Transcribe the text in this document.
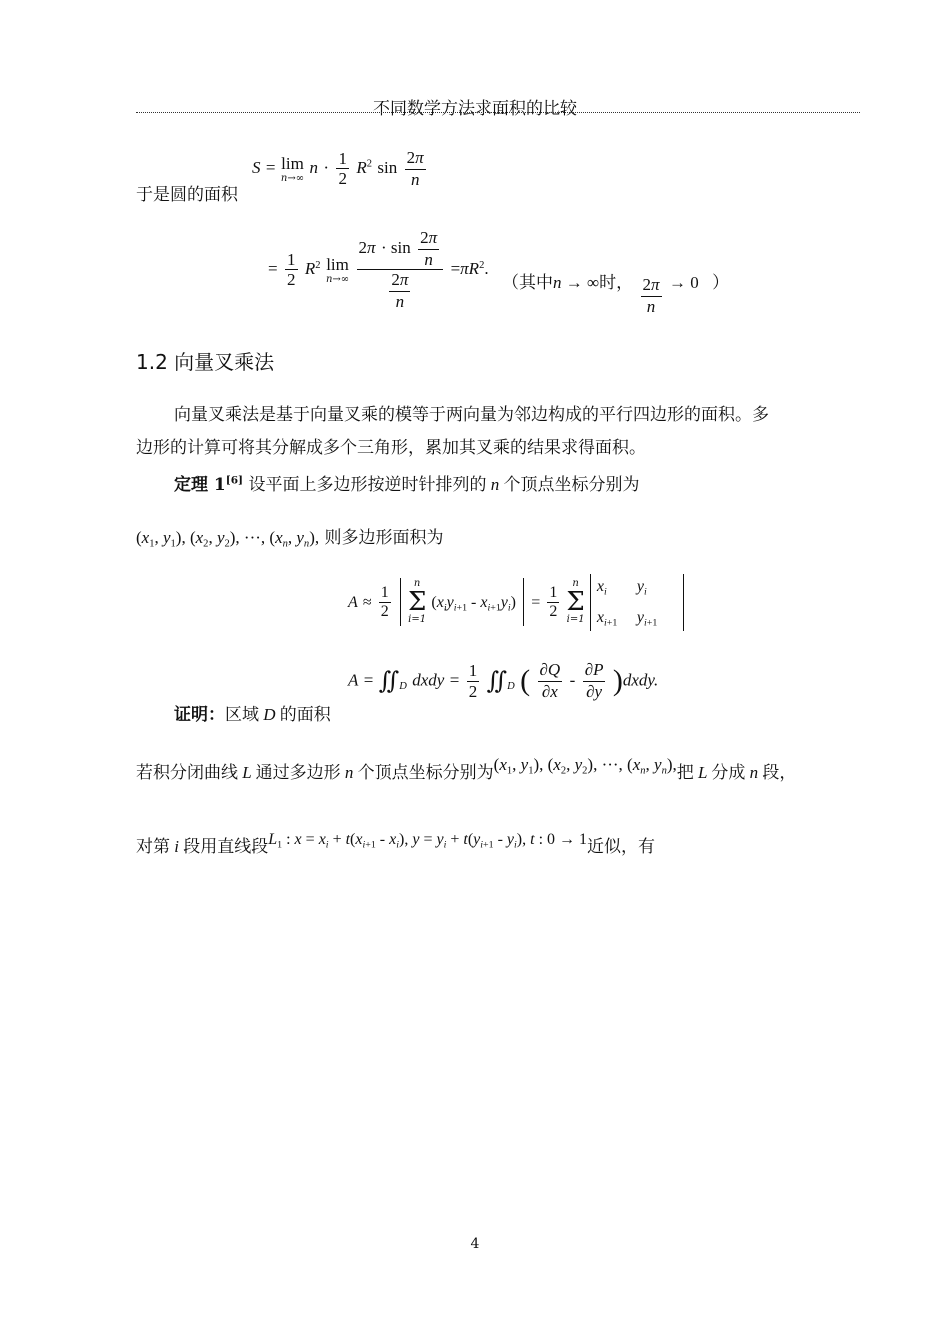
不同数学方法求面积的比较
于是圆的面积
S = lim
n→∞
$n \cdot \frac{1}{2} R^2$ $\sin \frac{2\pi}{n}$
= $\frac{1}{2} R^2$ lim
n→∞
$\frac{2\pi \cdot \sin \frac{2\pi}{n}}{\frac{2\pi}{n}} =\pi R^2$.
（其中n → ∞时， $\frac{2\pi}{n} \to 0$ ）
1.2 向量叉乘法
向量叉乘法是基于向量叉乘的模等于两向量为邻边构成的平行四边形的面积。多
边形的计算可将其分解成多个三角形，累加其叉乘的结果求得面积。
定理 1[6] 设平面上多边形按逆时针排列的 n 个顶点坐标分别为
($x_1$, $y_1$), ($x_2$, $y_2$), ···, ($x_n$, $y_n$), 则多边形面积为
$A \approx \frac{1}{2}$
n
Σ
i=1
$(x_iy_{i+1} - x_{i+1}y_i) = \frac{1}{2}$
n
Σ
i=1

$x_i$	$y_i$
$x_{i+1}$	$y_{i+1}$
$A = ∬_D$ dxdy = $\frac{1}{2}$ $∬_D$ ( $\frac{\partial Q}{\partial x} - \frac{\partial P}{\partial y}$ )dxdy.
证明：区域 D 的面积
若积分闭曲线 L 通过多边形 n 个顶点坐标分别为($x_1$, $y_1$), ($x_2$, $y_2$), ···, ($x_n$, $y_n$),把 L 分成 n 段，
对第 i 段用直线段$L_1$ : $x = x_i + t(x_{i+1} - x_i)$, $y = y_i + t(y_{i+1} - y_i)$, t : 0 → 1近似，有
4
